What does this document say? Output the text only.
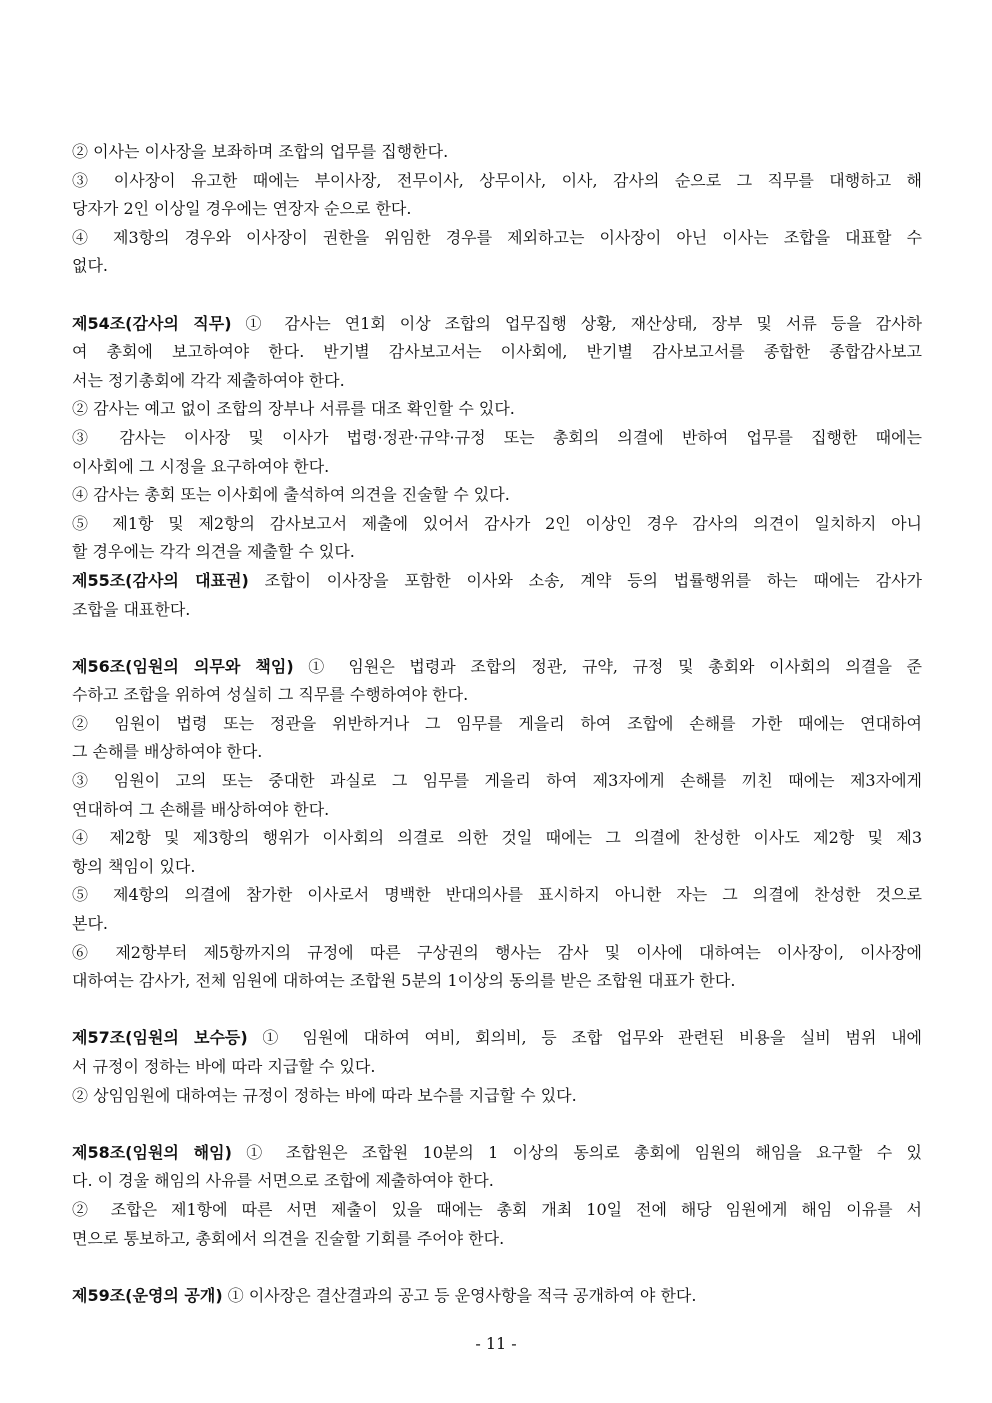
② 이사는 이사장을 보좌하며 조합의 업무를 집행한다.
③ 이사장이 유고한 때에는 부이사장, 전무이사, 상무이사, 이사, 감사의 순으로 그 직무를 대행하고 해
당자가 2인 이상일 경우에는 연장자 순으로 한다.
④ 제3항의 경우와 이사장이 권한을 위임한 경우를 제외하고는 이사장이 아닌 이사는 조합을 대표할 수
없다.
제54조(감사의 직무) ① 감사는 연1회 이상 조합의 업무집행 상황, 재산상태, 장부 및 서류 등을 감사하
여 총회에 보고하여야 한다. 반기별 감사보고서는 이사회에, 반기별 감사보고서를 종합한 종합감사보고
서는 정기총회에 각각 제출하여야 한다.
② 감사는 예고 없이 조합의 장부나 서류를 대조 확인할 수 있다.
③ 감사는 이사장 및 이사가 법령·정관·규약·규정 또는 총회의 의결에 반하여 업무를 집행한 때에는
이사회에 그 시정을 요구하여야 한다.
④ 감사는 총회 또는 이사회에 출석하여 의견을 진술할 수 있다.
⑤ 제1항 및 제2항의 감사보고서 제출에 있어서 감사가 2인 이상인 경우 감사의 의견이 일치하지 아니
할 경우에는 각각 의견을 제출할 수 있다.
제55조(감사의 대표권) 조합이 이사장을 포함한 이사와 소송, 계약 등의 법률행위를 하는 때에는 감사가
조합을 대표한다.
제56조(임원의 의무와 책임) ① 임원은 법령과 조합의 정관, 규약, 규정 및 총회와 이사회의 의결을 준
수하고 조합을 위하여 성실히 그 직무를 수행하여야 한다.
② 임원이 법령 또는 정관을 위반하거나 그 임무를 게을리 하여 조합에 손해를 가한 때에는 연대하여
그 손해를 배상하여야 한다.
③ 임원이 고의 또는 중대한 과실로 그 임무를 게을리 하여 제3자에게 손해를 끼친 때에는 제3자에게
연대하여 그 손해를 배상하여야 한다.
④ 제2항 및 제3항의 행위가 이사회의 의결로 의한 것일 때에는 그 의결에 찬성한 이사도 제2항 및 제3
항의 책임이 있다.
⑤ 제4항의 의결에 참가한 이사로서 명백한 반대의사를 표시하지 아니한 자는 그 의결에 찬성한 것으로
본다.
⑥ 제2항부터 제5항까지의 규정에 따른 구상권의 행사는 감사 및 이사에 대하여는 이사장이, 이사장에
대하여는 감사가, 전체 임원에 대하여는 조합원 5분의 1이상의 동의를 받은 조합원 대표가 한다.
제57조(임원의 보수등) ① 임원에 대하여 여비, 회의비, 등 조합 업무와 관련된 비용을 실비 범위 내에
서 규정이 정하는 바에 따라 지급할 수 있다.
② 상임임원에 대하여는 규정이 정하는 바에 따라 보수를 지급할 수 있다.
제58조(임원의 해임) ① 조합원은 조합원 10분의 1 이상의 동의로 총회에 임원의 해임을 요구할 수 있
다. 이 경울 해임의 사유를 서면으로 조합에 제출하여야 한다.
② 조합은 제1항에 따른 서면 제출이 있을 때에는 총회 개최 10일 전에 해당 임원에게 해임 이유를 서
면으로 통보하고, 총회에서 의견을 진술할 기회를 주어야 한다.
제59조(운영의 공개) ① 이사장은 결산결과의 공고 등 운영사항을 적극 공개하여 야 한다.
- 11 -
